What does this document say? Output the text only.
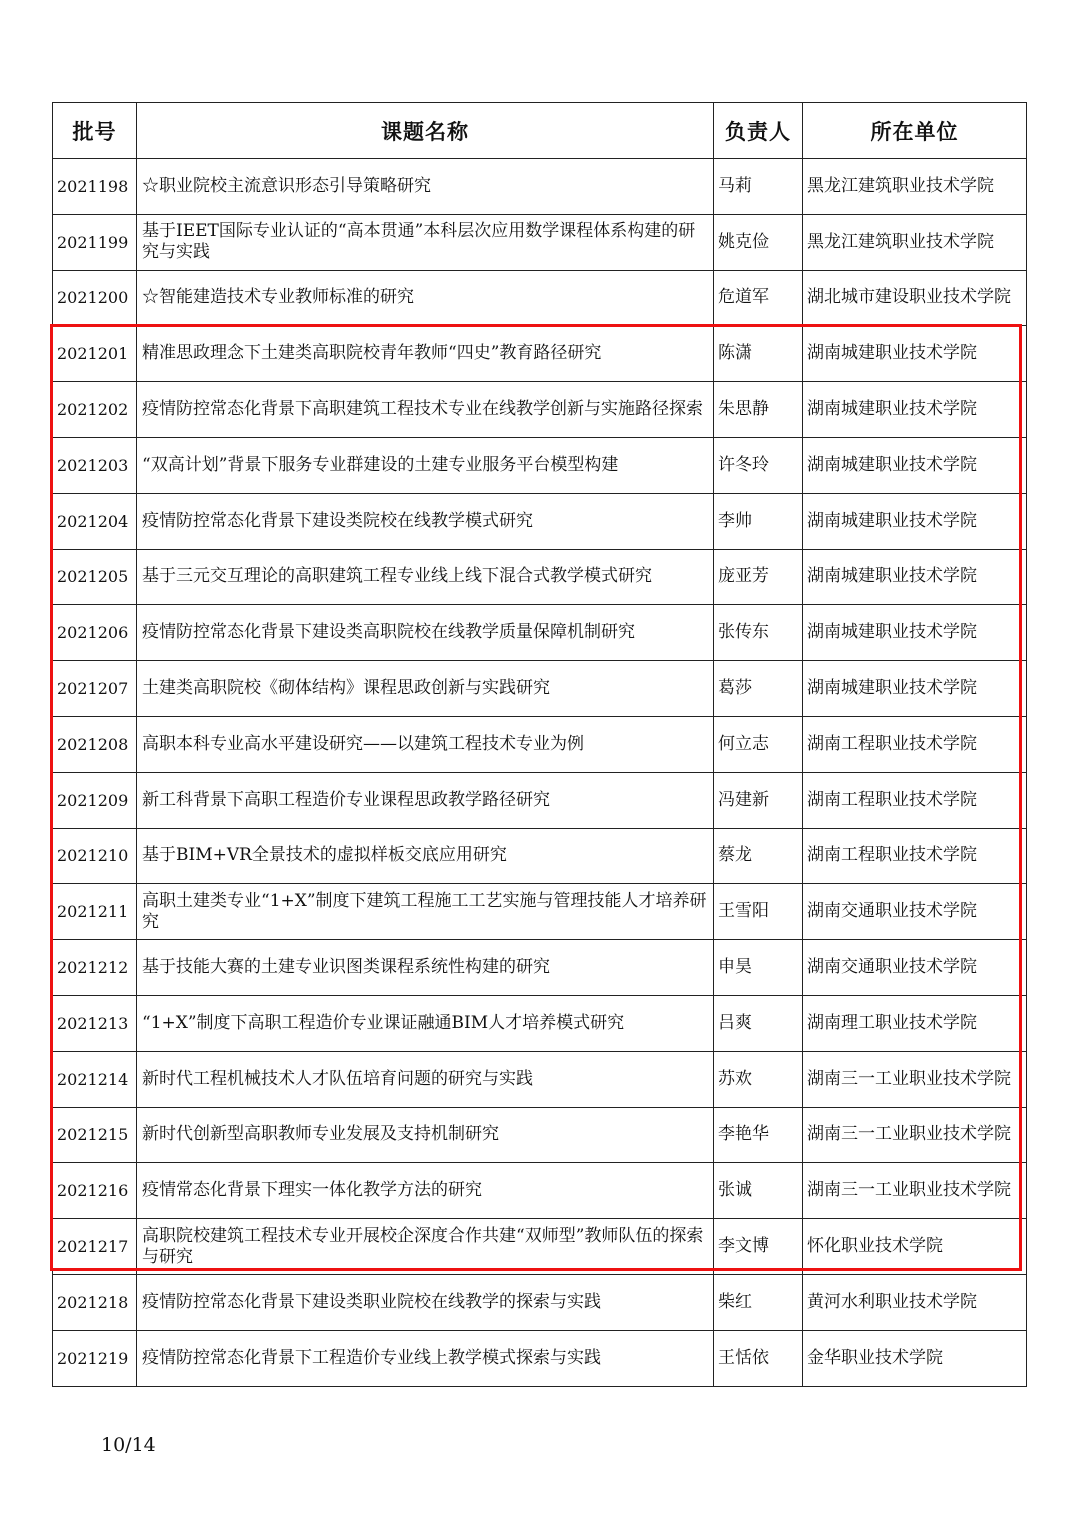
批号	课题名称	负责人	所在单位
2021198	☆职业院校主流意识形态引导策略研究	马莉	黑龙江建筑职业技术学院
2021199	基于IEET国际专业认证的“高本贯通”本科层次应用数学课程体系构建的研究与实践	姚克俭	黑龙江建筑职业技术学院
2021200	☆智能建造技术专业教师标准的研究	危道军	湖北城市建设职业技术学院
2021201	精准思政理念下土建类高职院校青年教师“四史”教育路径研究	陈潇	湖南城建职业技术学院
2021202	疫情防控常态化背景下高职建筑工程技术专业在线教学创新与实施路径探索	朱思静	湖南城建职业技术学院
2021203	“双高计划”背景下服务专业群建设的土建专业服务平台模型构建	许冬玲	湖南城建职业技术学院
2021204	疫情防控常态化背景下建设类院校在线教学模式研究	李帅	湖南城建职业技术学院
2021205	基于三元交互理论的高职建筑工程专业线上线下混合式教学模式研究	庞亚芳	湖南城建职业技术学院
2021206	疫情防控常态化背景下建设类高职院校在线教学质量保障机制研究	张传东	湖南城建职业技术学院
2021207	土建类高职院校《砌体结构》课程思政创新与实践研究	葛莎	湖南城建职业技术学院
2021208	高职本科专业高水平建设研究——以建筑工程技术专业为例	何立志	湖南工程职业技术学院
2021209	新工科背景下高职工程造价专业课程思政教学路径研究	冯建新	湖南工程职业技术学院
2021210	基于BIM+VR全景技术的虚拟样板交底应用研究	蔡龙	湖南工程职业技术学院
2021211	高职土建类专业“1+X”制度下建筑工程施工工艺实施与管理技能人才培养研究	王雪阳	湖南交通职业技术学院
2021212	基于技能大赛的土建专业识图类课程系统性构建的研究	申昊	湖南交通职业技术学院
2021213	“1+X”制度下高职工程造价专业课证融通BIM人才培养模式研究	吕爽	湖南理工职业技术学院
2021214	新时代工程机械技术人才队伍培育问题的研究与实践	苏欢	湖南三一工业职业技术学院
2021215	新时代创新型高职教师专业发展及支持机制研究	李艳华	湖南三一工业职业技术学院
2021216	疫情常态化背景下理实一体化教学方法的研究	张诚	湖南三一工业职业技术学院
2021217	高职院校建筑工程技术专业开展校企深度合作共建“双师型”教师队伍的探索与研究	李文博	怀化职业技术学院
2021218	疫情防控常态化背景下建设类职业院校在线教学的探索与实践	柴红	黄河水利职业技术学院
2021219	疫情防控常态化背景下工程造价专业线上教学模式探索与实践	王恬依	金华职业技术学院
10/14
